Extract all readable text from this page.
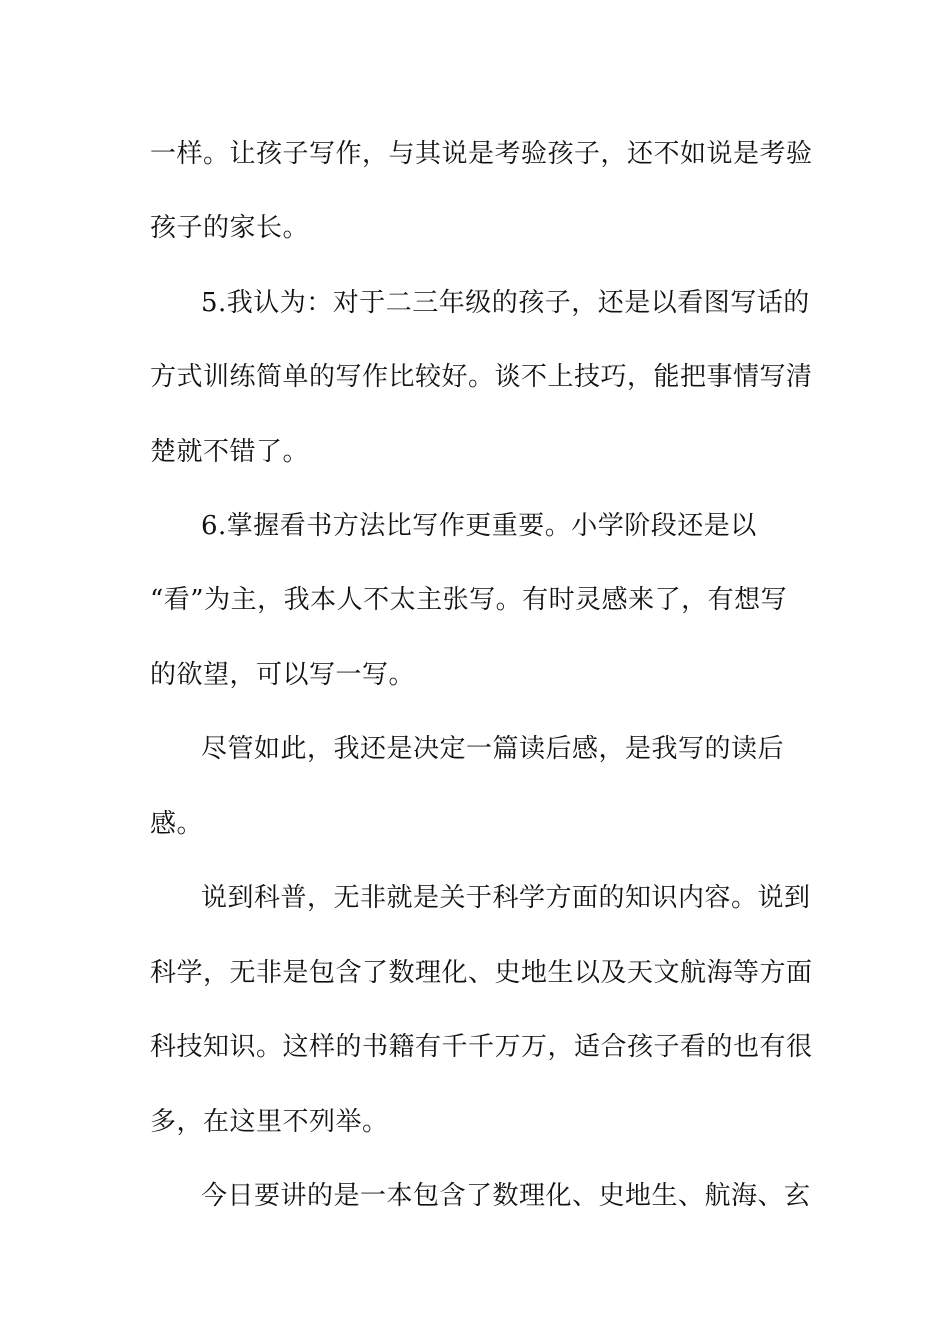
一样。让孩子写作，与其说是考验孩子，还不如说是考验
孩子的家长。
5.我认为：对于二三年级的孩子，还是以看图写话的
方式训练简单的写作比较好。谈不上技巧，能把事情写清
楚就不错了。
6.掌握看书方法比写作更重要。小学阶段还是以
“看”为主，我本人不太主张写。有时灵感来了，有想写
的欲望，可以写一写。
尽管如此，我还是决定一篇读后感，是我写的读后
感。
说到科普，无非就是关于科学方面的知识内容。说到
科学，无非是包含了数理化、史地生以及天文航海等方面
科技知识。这样的书籍有千千万万，适合孩子看的也有很
多，在这里不列举。
今日要讲的是一本包含了数理化、史地生、航海、玄
